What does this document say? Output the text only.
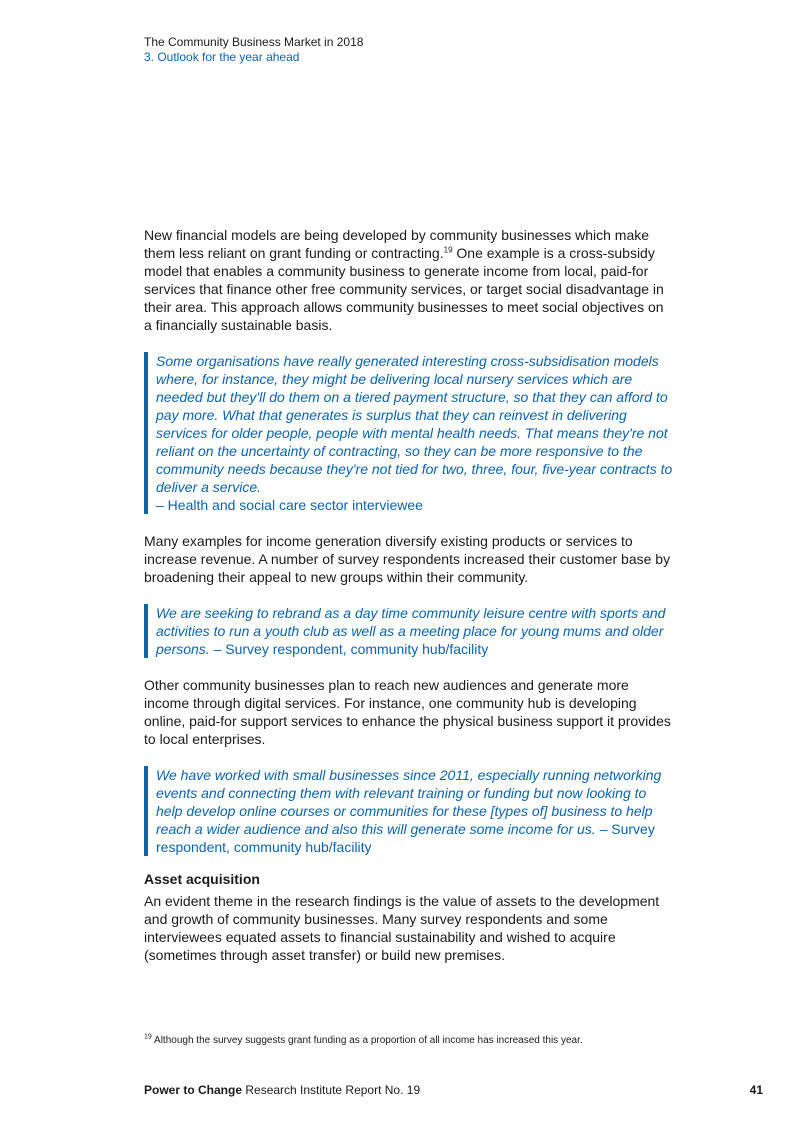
The Community Business Market in 2018
3. Outlook for the year ahead

New financial models are being developed by community businesses which make them less reliant on grant funding or contracting.$^{19}$ One example is a cross-subsidy model that enables a community business to generate income from local, paid-for services that finance other free community services, or target social disadvantage in their area. This approach allows community businesses to meet social objectives on a financially sustainable basis.

Some organisations have really generated interesting cross-subsidisation models where, for instance, they might be delivering local nursery services which are needed but they'll do them on a tiered payment structure, so that they can afford to pay more. What that generates is surplus that they can reinvest in delivering services for older people, people with mental health needs. That means they're not reliant on the uncertainty of contracting, so they can be more responsive to the community needs because they're not tied for two, three, four, five-year contracts to deliver a service.
– Health and social care sector interviewee

Many examples for income generation diversify existing products or services to increase revenue. A number of survey respondents increased their customer base by broadening their appeal to new groups within their community.

We are seeking to rebrand as a day time community leisure centre with sports and activities to run a youth club as well as a meeting place for young mums and older persons. – Survey respondent, community hub/facility

Other community businesses plan to reach new audiences and generate more income through digital services. For instance, one community hub is developing online, paid-for support services to enhance the physical business support it provides to local enterprises.

We have worked with small businesses since 2011, especially running networking events and connecting them with relevant training or funding but now looking to help develop online courses or communities for these [types of] business to help reach a wider audience and also this will generate some income for us. – Survey respondent, community hub/facility
Asset acquisition

An evident theme in the research findings is the value of assets to the development and growth of community businesses. Many survey respondents and some interviewees equated assets to financial sustainability and wished to acquire (sometimes through asset transfer) or build new premises.

$^{19}$ Although the survey suggests grant funding as a proportion of all income has increased this year.
Power to Change Research Institute Report No. 19	41
